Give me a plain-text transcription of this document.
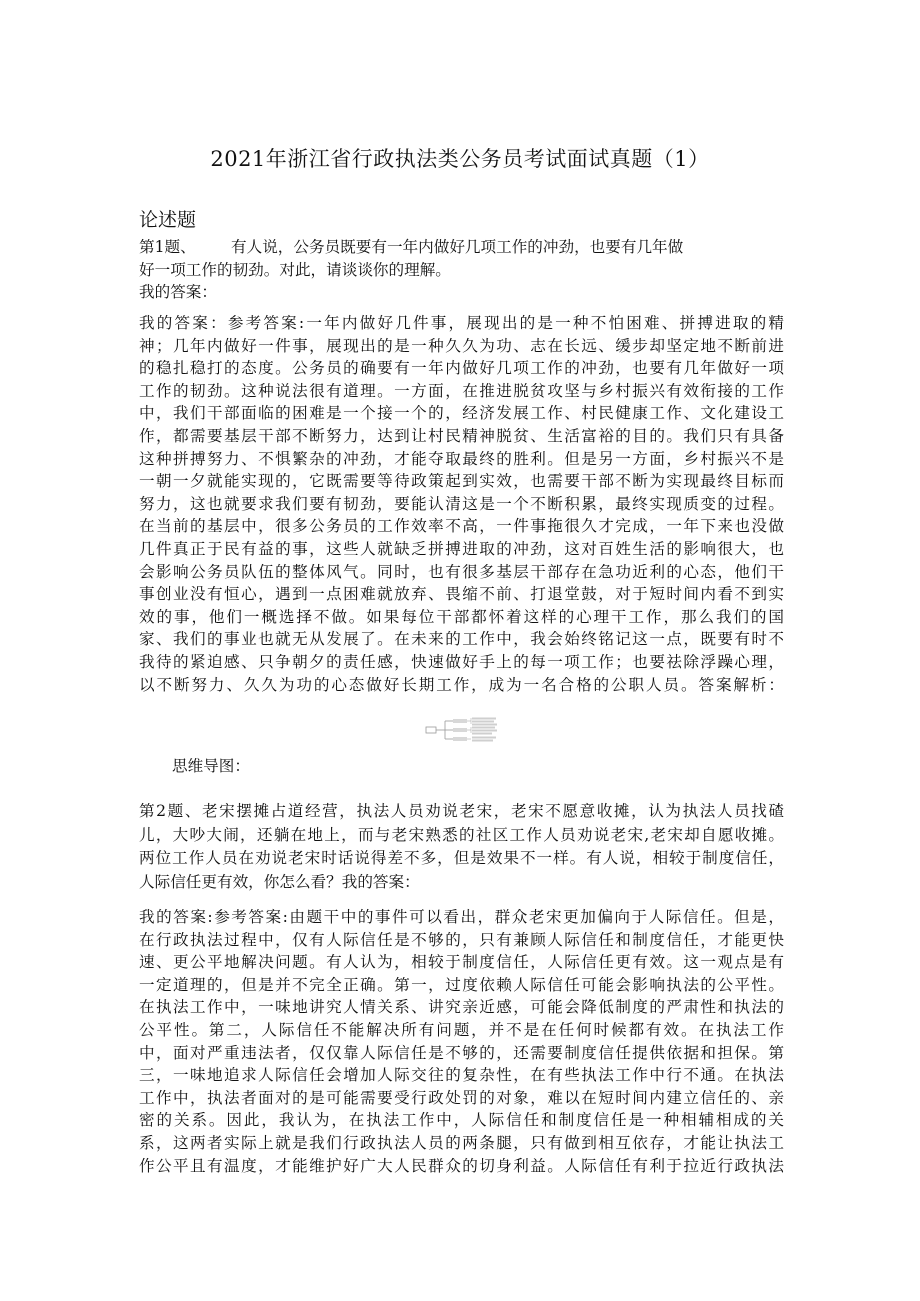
2021年浙江省行政执法类公务员考试面试真题（1）
论述题
第1题、 有人说，公务员既要有一年内做好几项工作的冲劲，也要有几年做
好一项工作的韧劲。对此，请谈谈你的理解。
我的答案：
我的答案：参考答案:一年内做好几件事，展现出的是一种不怕困难、拼搏进取的精
神；几年内做好一件事，展现出的是一种久久为功、志在长远、缓步却坚定地不断前进
的稳扎稳打的态度。公务员的确要有一年内做好几项工作的冲劲，也要有几年做好一项
工作的韧劲。这种说法很有道理。一方面，在推进脱贫攻坚与乡村振兴有效衔接的工作
中，我们干部面临的困难是一个接一个的，经济发展工作、村民健康工作、文化建设工
作，都需要基层干部不断努力，达到让村民精神脱贫、生活富裕的目的。我们只有具备
这种拼搏努力、不惧繁杂的冲劲，才能夺取最终的胜利。但是另一方面，乡村振兴不是
一朝一夕就能实现的，它既需要等待政策起到实效，也需要干部不断为实现最终目标而
努力，这也就要求我们要有韧劲，要能认清这是一个不断积累，最终实现质变的过程。
在当前的基层中，很多公务员的工作效率不高，一件事拖很久才完成，一年下来也没做
几件真正于民有益的事，这些人就缺乏拼搏进取的冲劲，这对百姓生活的影响很大，也
会影响公务员队伍的整体风气。同时，也有很多基层干部存在急功近利的心态，他们干
事创业没有恒心，遇到一点困难就放弃、畏缩不前、打退堂鼓，对于短时间内看不到实
效的事，他们一概选择不做。如果每位干部都怀着这样的心理干工作，那么我们的国
家、我们的事业也就无从发展了。在未来的工作中，我会始终铭记这一点，既要有时不
我待的紧迫感、只争朝夕的责任感，快速做好手上的每一项工作；也要祛除浮躁心理，
以不断努力、久久为功的心态做好长期工作，成为一名合格的公职人员。答案解析：
思维导图：
第2题、老宋摆摊占道经营，执法人员劝说老宋，老宋不愿意收摊，认为执法人员找碴
儿，大吵大闹，还躺在地上，而与老宋熟悉的社区工作人员劝说老宋,老宋却自愿收摊。
两位工作人员在劝说老宋时话说得差不多，但是效果不一样。有人说，相较于制度信任，
人际信任更有效，你怎么看？我的答案：
我的答案:参考答案:由题干中的事件可以看出，群众老宋更加偏向于人际信任。但是，
在行政执法过程中，仅有人际信任是不够的，只有兼顾人际信任和制度信任，才能更快
速、更公平地解决问题。有人认为，相较于制度信任，人际信任更有效。这一观点是有
一定道理的，但是并不完全正确。第一，过度依赖人际信任可能会影响执法的公平性。
在执法工作中，一味地讲究人情关系、讲究亲近感，可能会降低制度的严肃性和执法的
公平性。第二，人际信任不能解决所有问题，并不是在任何时候都有效。在执法工作
中，面对严重违法者，仅仅靠人际信任是不够的，还需要制度信任提供依据和担保。第
三，一味地追求人际信任会增加人际交往的复杂性，在有些执法工作中行不通。在执法
工作中，执法者面对的是可能需要受行政处罚的对象，难以在短时间内建立信任的、亲
密的关系。因此，我认为，在执法工作中，人际信任和制度信任是一种相辅相成的关
系，这两者实际上就是我们行政执法人员的两条腿，只有做到相互依存，才能让执法工
作公平且有温度，才能维护好广大人民群众的切身利益。人际信任有利于拉近行政执法
